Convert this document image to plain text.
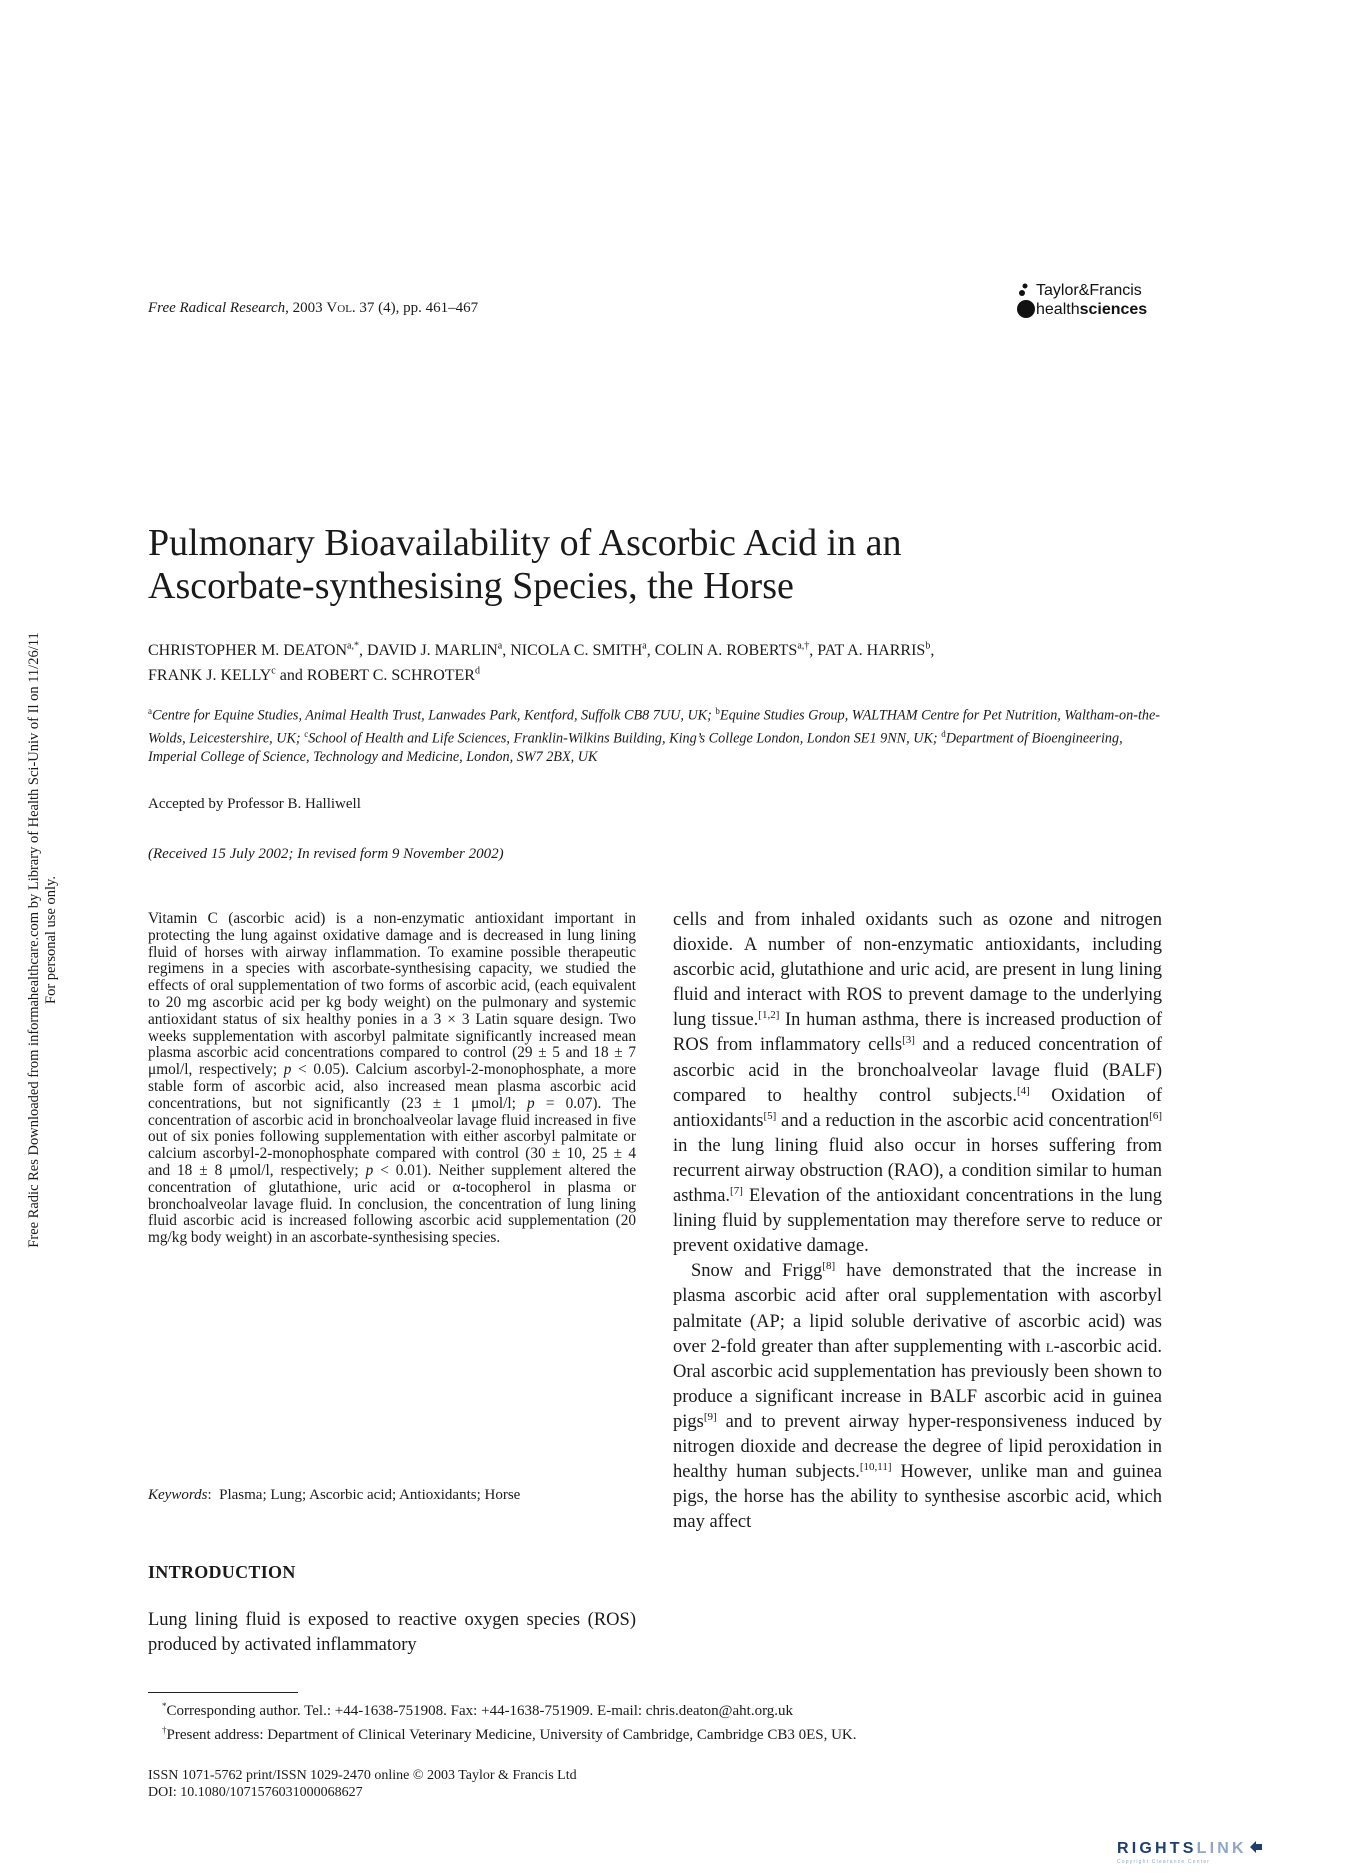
Free Radical Research, 2003 Vol. 37 (4), pp. 461–467
Taylor&Francis
healthsciences
Free Radic Res Downloaded from informahealthcare.com by Library of Health Sci-Univ of Il on 11/26/11 For personal use only.
Pulmonary Bioavailability of Ascorbic Acid in an
Ascorbate-synthesising Species, the Horse
CHRISTOPHER M. $DEATON^{a,*}$, DAVID J. MARLIN$^a$, NICOLA C. SMITH$^a$, COLIN A. $ROBERTS^{a,\dagger}$, PAT A. HARRIS$^b$,
FRANK J. KELLY$^c$ and ROBERT C. SCHROTER$^d$
$^a$Centre for Equine Studies, Animal Health Trust, Lanwades Park, Kentford, Suffolk CB8 7UU, UK; $^b$Equine Studies Group, WALTHAM Centre for Pet Nutrition, Waltham-on-the-Wolds, Leicestershire, UK; $^c$School of Health and Life Sciences, Franklin-Wilkins Building, King’s College London, London SE1 9NN, UK; $^d$Department of Bioengineering, Imperial College of Science, Technology and Medicine, London, SW7 2BX, UK
Accepted by Professor B. Halliwell
(Received 15 July 2002; In revised form 9 November 2002)
Vitamin C (ascorbic acid) is a non-enzymatic antioxidant important in protecting the lung against oxidative damage and is decreased in lung lining fluid of horses with airway inflammation. To examine possible therapeutic regimens in a species with ascorbate-synthesising capacity, we studied the effects of oral supplementation of two forms of ascorbic acid, (each equivalent to 20 mg ascorbic acid per kg body weight) on the pulmonary and systemic antioxidant status of six healthy ponies in a 3 × 3 Latin square design. Two weeks supplementation with ascorbyl palmitate significantly increased mean plasma ascorbic acid concentrations compared to control (29 ± 5 and 18 ± 7 μmol/l, respectively; p < 0.05). Calcium ascorbyl-2-monophosphate, a more stable form of ascorbic acid, also increased mean plasma ascorbic acid concentrations, but not significantly (23 ± 1 μmol/l; p = 0.07). The concentration of ascorbic acid in bronchoalveolar lavage fluid increased in five out of six ponies following supplementation with either ascorbyl palmitate or calcium ascorbyl-2-monophosphate compared with control (30 ± 10, 25 ± 4 and 18 ± 8 μmol/l, respectively; p < 0.01). Neither supplement altered the concentration of glutathione, uric acid or α-tocopherol in plasma or bronchoalveolar lavage fluid. In conclusion, the concentration of lung lining fluid ascorbic acid is increased following ascorbic acid supplementation (20 mg/kg body weight) in an ascorbate-synthesising species.
Keywords:  Plasma; Lung; Ascorbic acid; Antioxidants; Horse
INTRODUCTION
Lung lining fluid is exposed to reactive oxygen species (ROS) produced by activated inflammatory

cells and from inhaled oxidants such as ozone and nitrogen dioxide. A number of non-enzymatic antioxidants, including ascorbic acid, glutathione and uric acid, are present in lung lining fluid and interact with ROS to prevent damage to the underlying lung tissue.[1,2] In human asthma, there is increased production of ROS from inflammatory cells[3] and a reduced concentration of ascorbic acid in the bronchoalveolar lavage fluid (BALF) compared to healthy control subjects.[4] Oxidation of antioxidants[5] and a reduction in the ascorbic acid concentration[6] in the lung lining fluid also occur in horses suffering from recurrent airway obstruction (RAO), a condition similar to human asthma.[7] Elevation of the antioxidant concentrations in the lung lining fluid by supplementation may therefore serve to reduce or prevent oxidative damage.

Snow and Frigg[8] have demonstrated that the increase in plasma ascorbic acid after oral supplementation with ascorbyl palmitate (AP; a lipid soluble derivative of ascorbic acid) was over 2-fold greater than after supplementing with l-ascorbic acid. Oral ascorbic acid supplementation has previously been shown to produce a significant increase in BALF ascorbic acid in guinea pigs[9] and to prevent airway hyper-responsiveness induced by nitrogen dioxide and decrease the degree of lipid peroxidation in healthy human subjects.[10,11] However, unlike man and guinea pigs, the horse has the ability to synthesise ascorbic acid, which may affect

*Corresponding author. Tel.: +44-1638-751908. Fax: +44-1638-751909. E-mail: chris.deaton@aht.org.uk

†Present address: Department of Clinical Veterinary Medicine, University of Cambridge, Cambridge CB3 0ES, UK.

ISSN 1071-5762 print/ISSN 1029-2470 online © 2003 Taylor & Francis Ltd

DOI: 10.1080/1071576031000068627

RIGHTSLINK
Copyright Clearance Center
